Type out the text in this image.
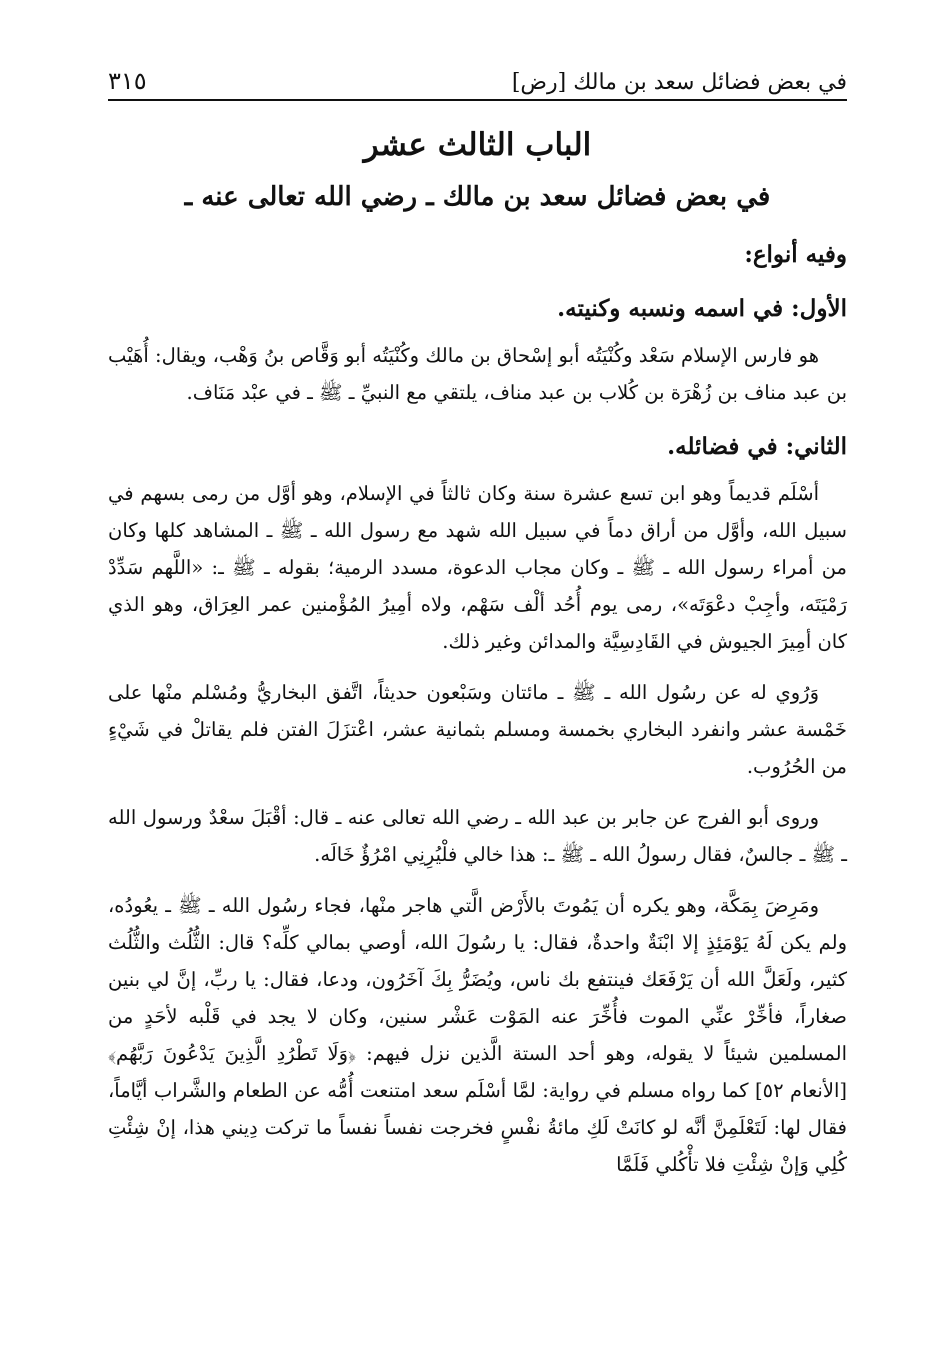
في بعض فضائل سعد بن مالك [رض]
٣١٥
الباب الثالث عشر
في بعض فضائل سعد بن مالك ـ رضي الله تعالى عنه ـ
وفيه أنواع:
الأول: في اسمه ونسبه وكنيته.

هو فارس الإسلام سَعْد وكُنْيَتُه أبو إسْحاق بن مالك وكُنْيَتُه أبو وَقَّاص بنُ وَهْب، ويقال: أُهَيْب بن عبد مناف بن زُهْرَة بن كُلاب بن عبد مناف، يلتقي مع النبيِّ ـ ﷺ ـ في عبْد مَنَاف.

الثاني: في فضائله.

أسْلَم قديماً وهو ابن تسع عشرة سنة وكان ثالثاً في الإسلام، وهو أوَّل من رمى بسهم في سبيل الله، وأوَّل من أراق دماً في سبيل الله شهد مع رسول الله ـ ﷺ ـ المشاهد كلها وكان من أمراء رسول الله ـ ﷺ ـ وكان مجاب الدعوة، مسدد الرمية؛ بقوله ـ ﷺ ـ: «اللَّهم سَدِّدْ رَمْيَتَه، وأجِبْ دعْوَتَه»، رمى يوم أُحُد ألْف سَهْم، ولاه أمِيرُ المُؤْمنين عمر العِرَاق، وهو الذي كان أمِيرَ الجيوش في القَادِسِيَّة والمدائن وغير ذلك.

وَرُوي له عن رسُول الله ـ ﷺ ـ مائتان وسَبْعون حديثاً، اتَّفق البخاريُّ ومُسْلم منْها على خَمْسة عشر وانفرد البخاري بخمسة ومسلم بثمانية عشر، اعْتزَلَ الفتن فلم يقاتلْ في شَيْءٍ من الحُرُوب.

وروى أبو الفرج عن جابر بن عبد الله ـ رضي الله تعالى عنه ـ قال: أقْبَلَ سعْدٌ ورسول الله ـ ﷺ ـ جالسٌ، فقال رسولُ الله ـ ﷺ ـ: هذا خالي فلْيُرِنِي امْرُؤٌ خَالَه.

ومَرِضَ بِمَكَّة، وهو يكره أن يَمُوتَ بالأَرْض الَّتي هاجر منْها، فجاء رسُول الله ـ ﷺ ـ يعُودُه، ولم يكن لَهُ يَوْمَئِذٍ إلا ابْنَةٌ واحدةٌ، فقال: يا رسُولَ الله، أوصي بمالي كلِّه؟ قال: الثُّلُث والثُّلُث كثير، ولَعَلَّ الله أن يَرْفَعَك فينتفع بك ناس، ويُضَرُّ بِكَ آخَرُون، ودعا، فقال: يا ربِّ، إنَّ لي بنين صغاراً، فأخِّرْ عنِّي الموت فأُخِّرَ عنه المَوْت عَشْر سنين، وكان لا يجد في قَلْبه لأحَدٍ من المسلمين شيئاً لا يقوله، وهو أحد الستة الَّذين نزل فيهم: ﴿وَلَا تَطْرُدِ الَّذِينَ يَدْعُونَ رَبَّهُم﴾ [الأنعام ٥٢] كما رواه مسلم في رواية: لمَّا أسْلَم سعد امتنعت أُمُّه عن الطعام والشَّراب أيَّاماً، فقال لها: لَتَعْلَمِنَّ أنَّه لو كانَتْ لَكِ مائةُ نفْسٍ فخرجت نفساً نفساً ما تركت دِيني هذا، إنْ شِئْتِ كُلِي وَإنْ شِئْتِ فلا تأْكُلي فَلَمَّا
